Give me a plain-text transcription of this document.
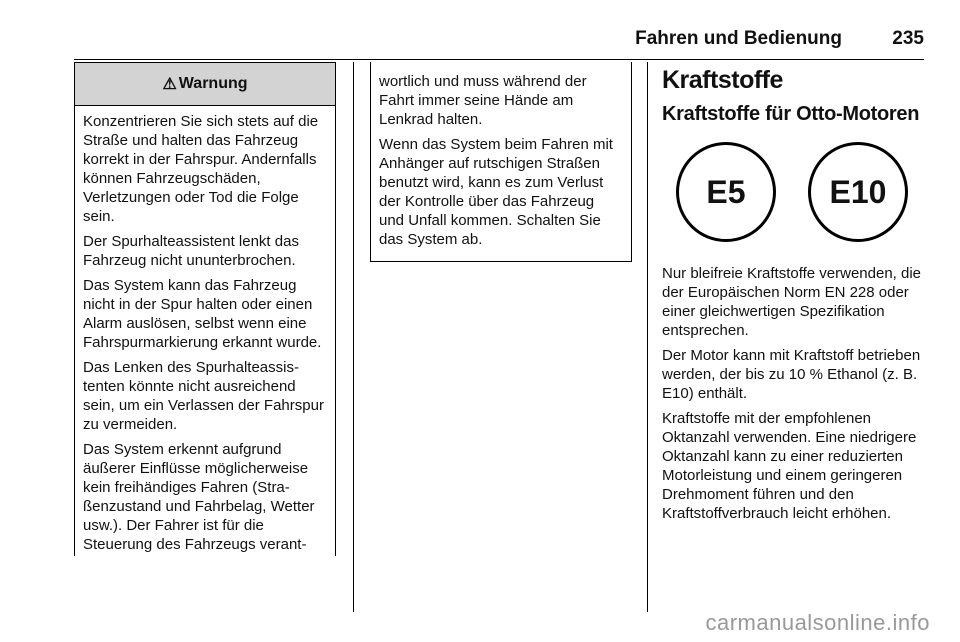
Fahren und Bedienung	235
⚠ Warnung

Konzentrieren Sie sich stets auf die Straße und halten das Fahrzeug korrekt in der Fahrspur. Andernfalls können Fahrzeugschäden, Verletzungen oder Tod die Folge sein.

Der Spurhalteassistent lenkt das Fahrzeug nicht ununterbrochen.

Das System kann das Fahrzeug nicht in der Spur halten oder einen Alarm auslösen, selbst wenn eine Fahrspurmarkierung erkannt wurde.

Das Lenken des Spurhalteassistenten könnte nicht ausreichend sein, um ein Verlassen der Fahrspur zu vermeiden.

Das System erkennt aufgrund äußerer Einflüsse möglicherweise kein freihändiges Fahren (Straßenzustand und Fahrbelag, Wetter usw.). Der Fahrer ist für die Steuerung des Fahrzeugs verant-

wortlich und muss während der Fahrt immer seine Hände am Lenkrad halten.

Wenn das System beim Fahren mit Anhänger auf rutschigen Straßen benutzt wird, kann es zum Verlust der Kontrolle über das Fahrzeug und Unfall kommen. Schalten Sie das System ab.

Kraftstoffe
Kraftstoffe für Otto-Motoren
E5	E10

Nur bleifreie Kraftstoffe verwenden, die der Europäischen Norm EN 228 oder einer gleichwertigen Spezifikation entsprechen.

Der Motor kann mit Kraftstoff betrieben werden, der bis zu 10 % Ethanol (z. B. E10) enthält.

Kraftstoffe mit der empfohlenen Oktanzahl verwenden. Eine niedrigere Oktanzahl kann zu einer reduzierten Motorleistung und einem geringeren Drehmoment führen und den Kraftstoffverbrauch leicht erhöhen.

carmanualsonline.info
